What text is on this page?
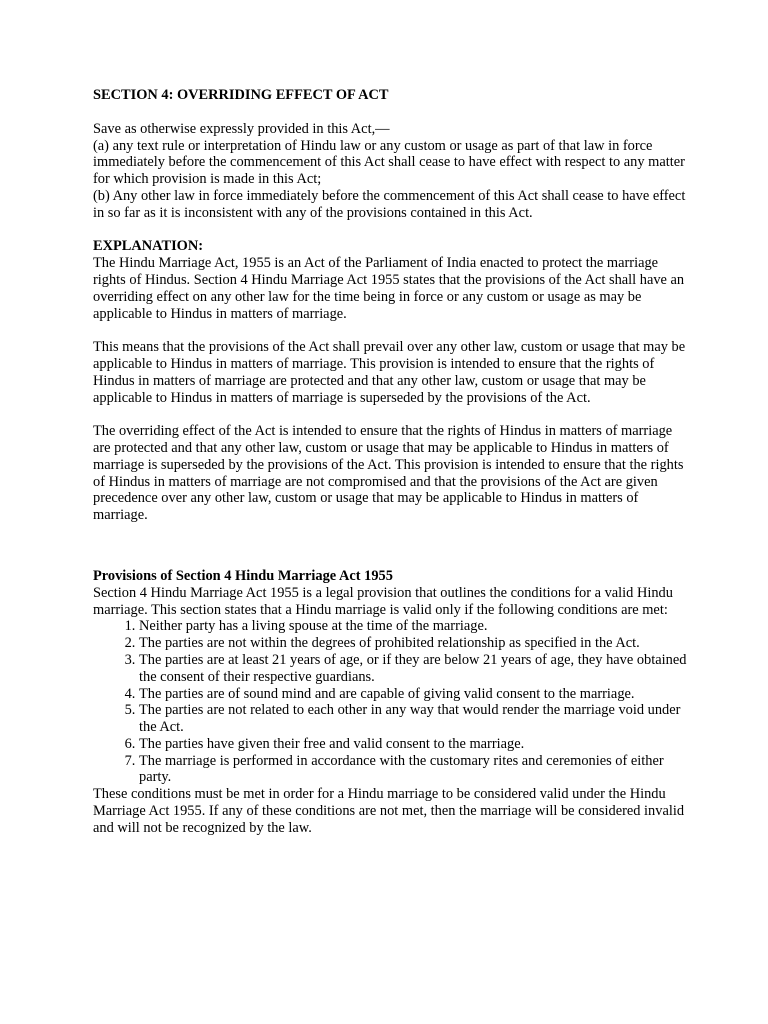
SECTION 4: OVERRIDING EFFECT OF ACT

Save as otherwise expressly provided in this Act,—

(a) any text rule or interpretation of Hindu law or any custom or usage as part of that law in force immediately before the commencement of this Act shall cease to have effect with respect to any matter for which provision is made in this Act;

(b) Any other law in force immediately before the commencement of this Act shall cease to have effect in so far as it is inconsistent with any of the provisions contained in this Act.

EXPLANATION:

The Hindu Marriage Act, 1955 is an Act of the Parliament of India enacted to protect the marriage rights of Hindus. Section 4 Hindu Marriage Act 1955 states that the provisions of the Act shall have an overriding effect on any other law for the time being in force or any custom or usage as may be applicable to Hindus in matters of marriage.

This means that the provisions of the Act shall prevail over any other law, custom or usage that may be applicable to Hindus in matters of marriage. This provision is intended to ensure that the rights of Hindus in matters of marriage are protected and that any other law, custom or usage that may be applicable to Hindus in matters of marriage is superseded by the provisions of the Act.

The overriding effect of the Act is intended to ensure that the rights of Hindus in matters of marriage are protected and that any other law, custom or usage that may be applicable to Hindus in matters of marriage is superseded by the provisions of the Act. This provision is intended to ensure that the rights of Hindus in matters of marriage are not compromised and that the provisions of the Act are given precedence over any other law, custom or usage that may be applicable to Hindus in matters of marriage.

Provisions of Section 4 Hindu Marriage Act 1955

Section 4 Hindu Marriage Act 1955 is a legal provision that outlines the conditions for a valid Hindu marriage. This section states that a Hindu marriage is valid only if the following conditions are met:

1. Neither party has a living spouse at the time of the marriage.
2. The parties are not within the degrees of prohibited relationship as specified in the Act.
3. The parties are at least 21 years of age, or if they are below 21 years of age, they have obtained the consent of their respective guardians.
4. The parties are of sound mind and are capable of giving valid consent to the marriage.
5. The parties are not related to each other in any way that would render the marriage void under the Act.
6. The parties have given their free and valid consent to the marriage.
7. The marriage is performed in accordance with the customary rites and ceremonies of either party.

These conditions must be met in order for a Hindu marriage to be considered valid under the Hindu Marriage Act 1955. If any of these conditions are not met, then the marriage will be considered invalid and will not be recognized by the law.
